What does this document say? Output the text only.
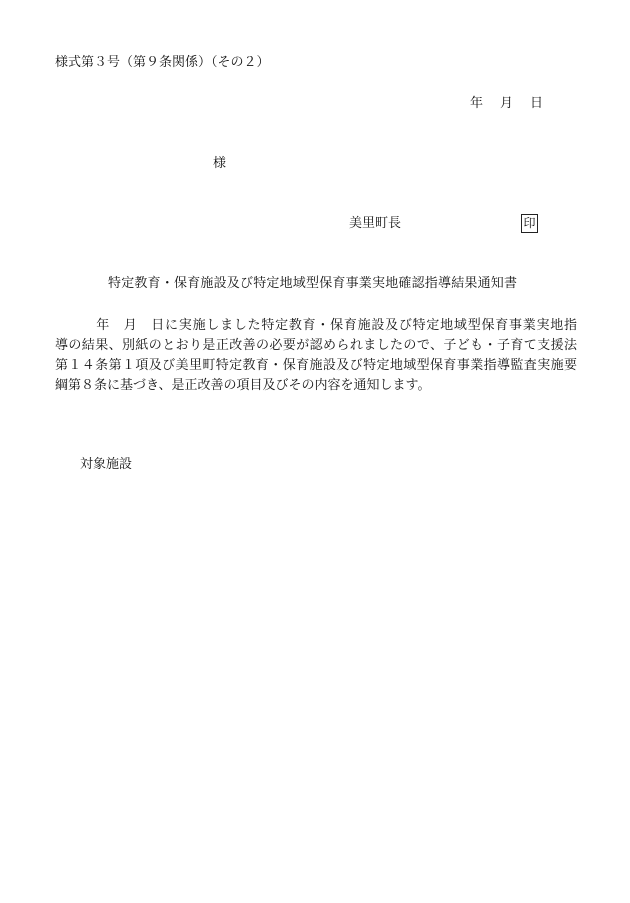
様式第３号（第９条関係）（その２）
年 月 日
様
美里町長	印
特定教育・保育施設及び特定地域型保育事業実地確認指導結果通知書
　　　年　月　日に実施しました特定教育・保育施設及び特定地域型保育事業実地指
導の結果、別紙のとおり是正改善の必要が認められましたので、子ども・子育て支援法
第１４条第１項及び美里町特定教育・保育施設及び特定地域型保育事業指導監査実施要
綱第８条に基づき、是正改善の項目及びその内容を通知します。
対象施設
